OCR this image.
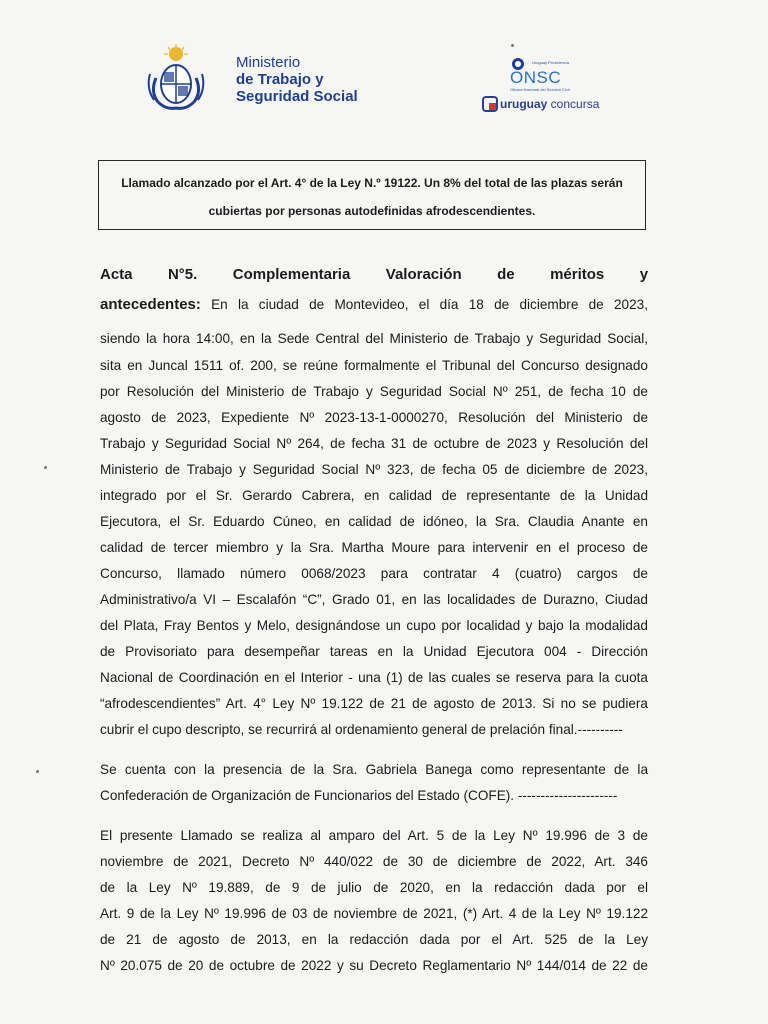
Ministerio
de Trabajo y
Seguridad Social
Uruguay Presidencia
ONSC
Oficina Nacional del Servicio Civil
uruguay concursa
Llamado alcanzado por el Art. 4° de la Ley N.º 19122. Un 8% del total de las plazas serán
cubiertas por personas autodefinidas afrodescendientes.
Acta N°5. Complementaria Valoración de méritos y
antecedentes: En la ciudad de Montevideo, el día 18 de diciembre de 2023,
siendo la hora 14:00, en la Sede Central del Ministerio de Trabajo y Seguridad Social,
sita en Juncal 1511 of. 200, se reúne formalmente el Tribunal del Concurso designado
por Resolución del Ministerio de Trabajo y Seguridad Social Nº 251, de fecha 10 de
agosto de 2023, Expediente Nº 2023-13-1-0000270, Resolución del Ministerio de
Trabajo y Seguridad Social Nº 264, de fecha 31 de octubre de 2023 y Resolución del
Ministerio de Trabajo y Seguridad Social Nº 323, de fecha 05 de diciembre de 2023,
integrado por el Sr. Gerardo Cabrera, en calidad de representante de la Unidad
Ejecutora, el Sr. Eduardo Cúneo, en calidad de idóneo, la Sra. Claudia Anante en
calidad de tercer miembro y la Sra. Martha Moure para intervenir en el proceso de
Concurso, llamado número 0068/2023 para contratar 4 (cuatro) cargos de
Administrativo/a VI – Escalafón “C”, Grado 01, en las localidades de Durazno, Ciudad
del Plata, Fray Bentos y Melo, designándose un cupo por localidad y bajo la modalidad
de Provisoriato para desempeñar tareas en la Unidad Ejecutora 004 - Dirección
Nacional de Coordinación en el Interior - una (1) de las cuales se reserva para la cuota
“afrodescendientes” Art. 4° Ley Nº 19.122 de 21 de agosto de 2013. Si no se pudiera
cubrir el cupo descripto, se recurrirá al ordenamiento general de prelación final.----------
Se cuenta con la presencia de la Sra. Gabriela Banega como representante de la
Confederación de Organización de Funcionarios del Estado (COFE). ----------------------
El presente Llamado se realiza al amparo del Art. 5 de la Ley Nº 19.996 de 3 de
noviembre de 2021, Decreto Nº 440/022 de 30 de diciembre de 2022, Art. 346
de la Ley Nº 19.889, de 9 de julio de 2020, en la redacción dada por el
Art. 9 de la Ley Nº 19.996 de 03 de noviembre de 2021, (*) Art. 4 de la Ley Nº 19.122
de 21 de agosto de 2013, en la redacción dada por el Art. 525 de la Ley
Nº 20.075 de 20 de octubre de 2022 y su Decreto Reglamentario Nº 144/014 de 22 de
